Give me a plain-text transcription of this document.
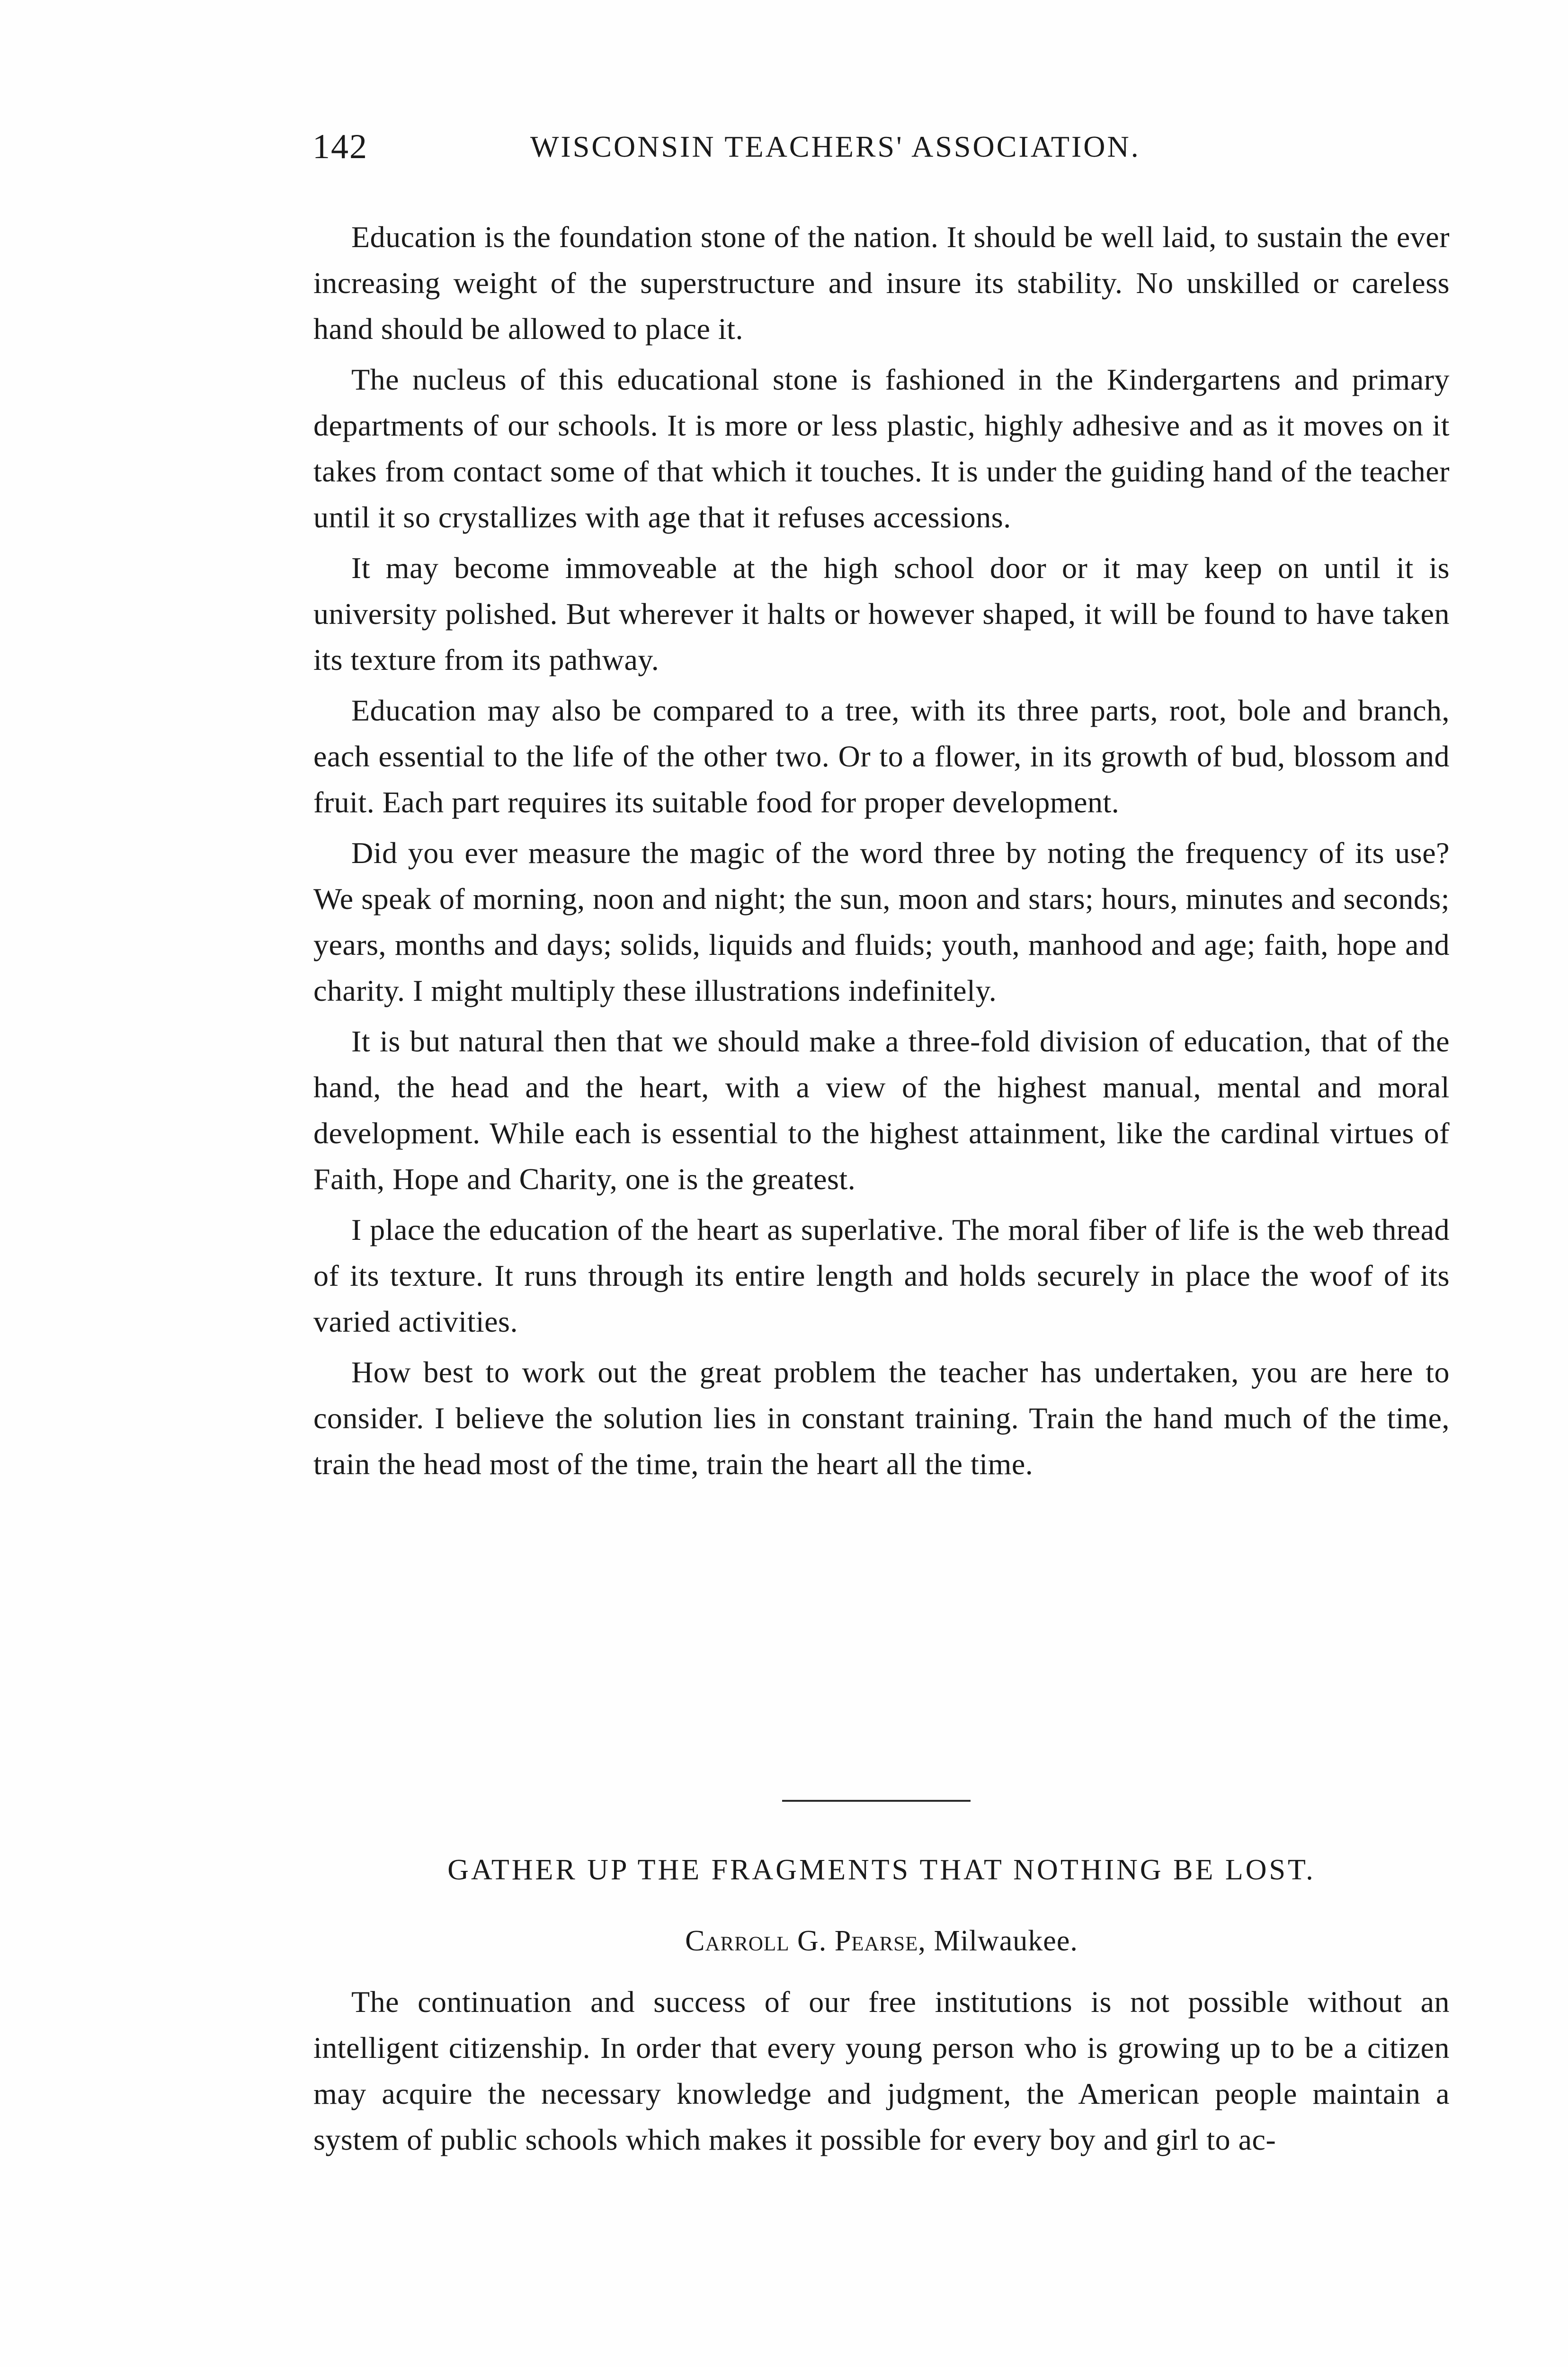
142	WISCONSIN TEACHERS' ASSOCIATION.

Education is the foundation stone of the nation. It should be well laid, to sustain the ever increasing weight of the superstructure and insure its stability. No unskilled or careless hand should be allowed to place it.

The nucleus of this educational stone is fashioned in the Kindergartens and primary departments of our schools. It is more or less plastic, highly adhesive and as it moves on it takes from contact some of that which it touches. It is under the guiding hand of the teacher until it so crystallizes with age that it refuses accessions.

It may become immoveable at the high school door or it may keep on until it is university polished. But wherever it halts or however shaped, it will be found to have taken its texture from its pathway.

Education may also be compared to a tree, with its three parts, root, bole and branch, each essential to the life of the other two. Or to a flower, in its growth of bud, blossom and fruit. Each part requires its suitable food for proper development.

Did you ever measure the magic of the word three by noting the frequency of its use? We speak of morning, noon and night; the sun, moon and stars; hours, minutes and seconds; years, months and days; solids, liquids and fluids; youth, manhood and age; faith, hope and charity. I might multiply these illustrations indefinitely.

It is but natural then that we should make a three-fold division of education, that of the hand, the head and the heart, with a view of the highest manual, mental and moral development. While each is essential to the highest attainment, like the cardinal virtues of Faith, Hope and Charity, one is the greatest.

I place the education of the heart as superlative. The moral fiber of life is the web thread of its texture. It runs through its entire length and holds securely in place the woof of its varied activities.

How best to work out the great problem the teacher has undertaken, you are here to consider. I believe the solution lies in constant training. Train the hand much of the time, train the head most of the time, train the heart all the time.

GATHER UP THE FRAGMENTS THAT NOTHING BE LOST.
Carroll G. Pearse, Milwaukee.

The continuation and success of our free institutions is not possible without an intelligent citizenship. In order that every young person who is growing up to be a citizen may acquire the necessary knowledge and judgment, the American people maintain a system of public schools which makes it possible for every boy and girl to ac-
